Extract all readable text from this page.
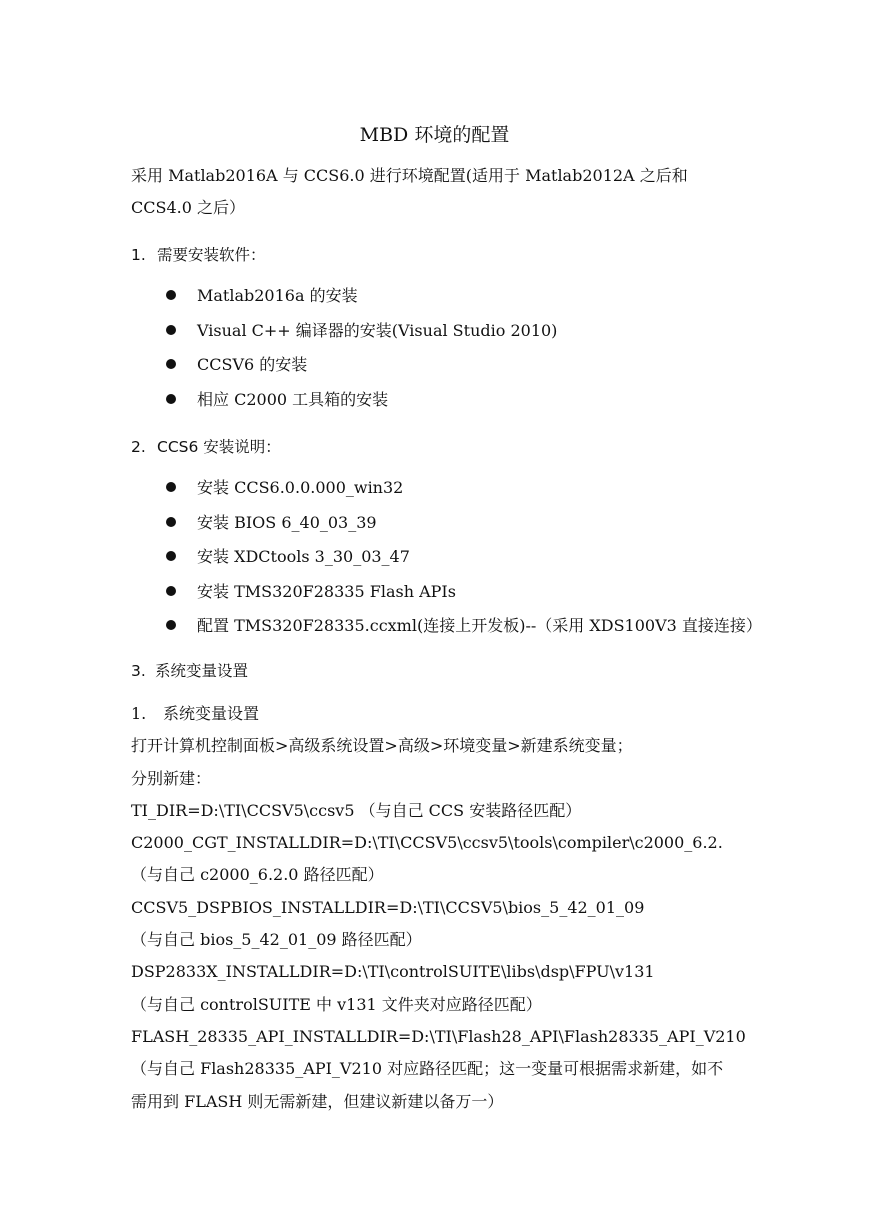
MBD 环境的配置
采用 Matlab2016A 与 CCS6.0 进行环境配置(适用于 Matlab2012A 之后和 CCS4.0 之后）
1. 需要安装软件：
Matlab2016a 的安装
Visual C++ 编译器的安装(Visual Studio 2010)
CCSV6 的安装
相应 C2000 工具箱的安装
2. CCS6 安装说明：
安装 CCS6.0.0.000_win32
安装 BIOS 6_40_03_39
安装 XDCtools 3_30_03_47
安装 TMS320F28335 Flash APIs
配置 TMS320F28335.ccxml(连接上开发板)--（采用 XDS100V3 直接连接）
3. 系统变量设置
1. 系统变量设置
打开计算机控制面板>高级系统设置>高级>环境变量>新建系统变量；
分别新建：
TI_DIR=D:\TI\CCSV5\ccsv5 （与自己 CCS 安装路径匹配）
C2000_CGT_INSTALLDIR=D:\TI\CCSV5\ccsv5\tools\compiler\c2000_6.2.
（与自己 c2000_6.2.0 路径匹配）
CCSV5_DSPBIOS_INSTALLDIR=D:\TI\CCSV5\bios_5_42_01_09
（与自己 bios_5_42_01_09 路径匹配）
DSP2833X_INSTALLDIR=D:\TI\controlSUITE\libs\dsp\FPU\v131
（与自己 controlSUITE 中 v131 文件夹对应路径匹配）
FLASH_28335_API_INSTALLDIR=D:\TI\Flash28_API\Flash28335_API_V210
（与自己 Flash28335_API_V210 对应路径匹配；这一变量可根据需求新建，如不
需用到 FLASH 则无需新建，但建议新建以备万一）
